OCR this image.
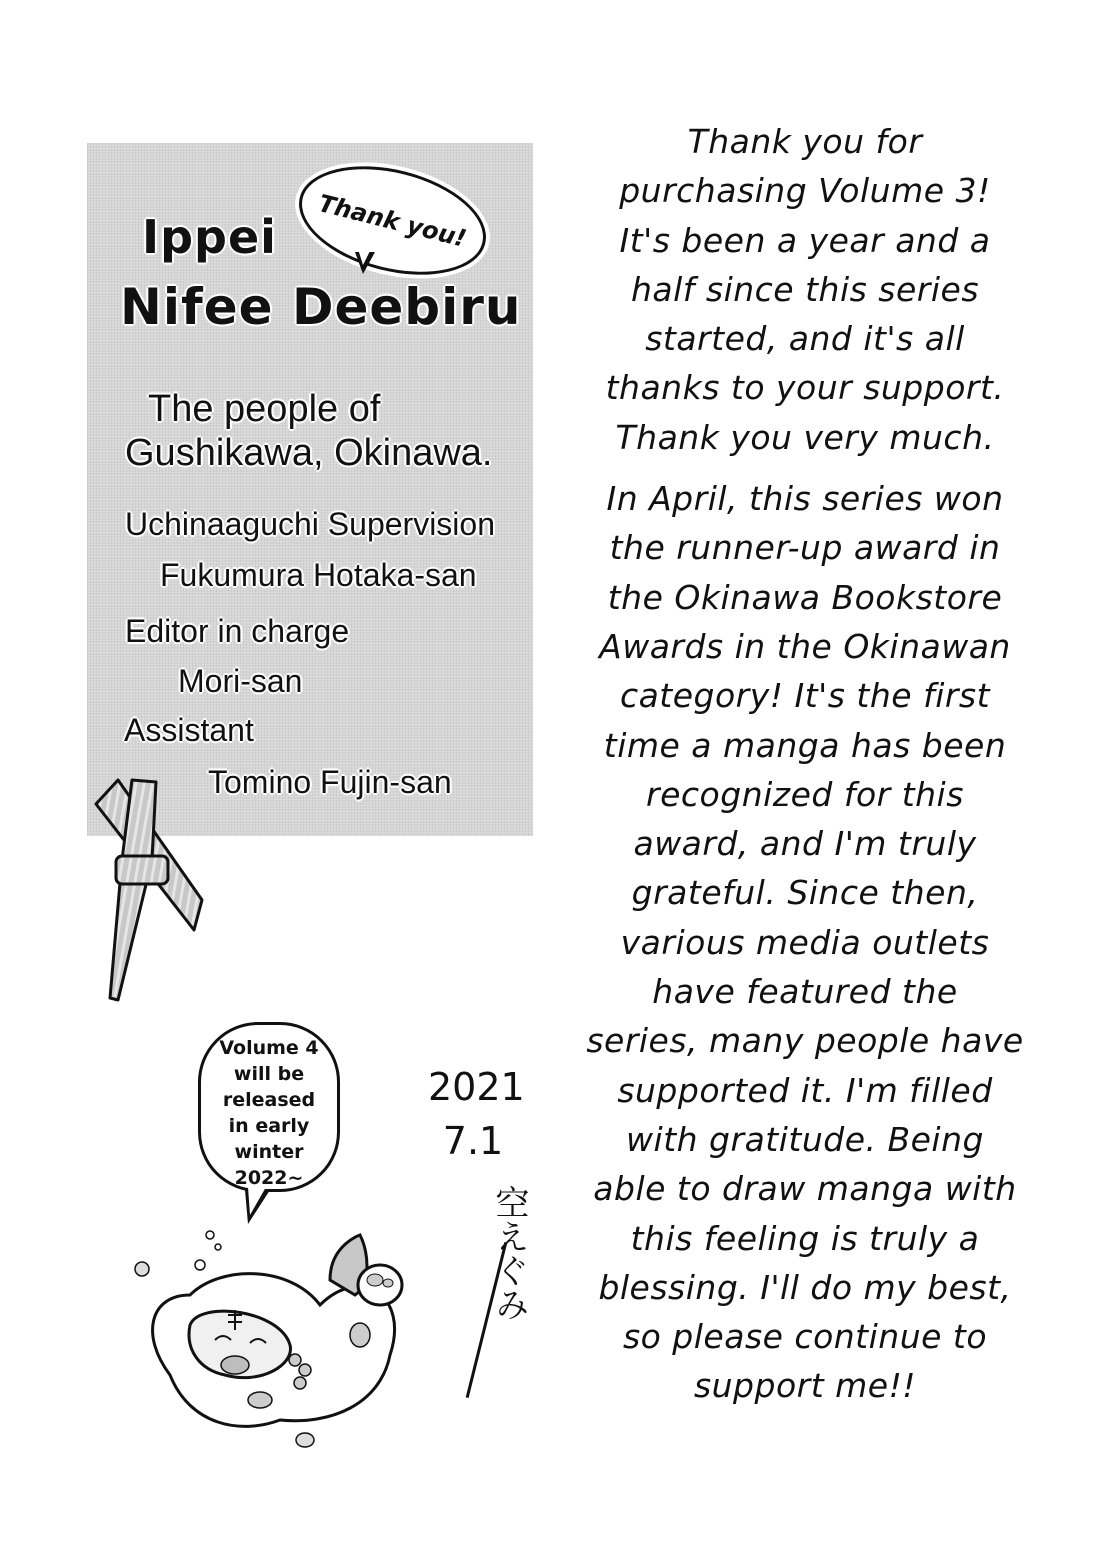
Thank you!
Ippei
Nifee Deebiru
The people of
Gushikawa, Okinawa.
Uchinaaguchi Supervision
Fukumura Hotaka-san
Editor in charge
Mori-san
Assistant
Tomino Fujin-san
Thank you for
purchasing Volume 3!
It's been a year and a
half since this series
started, and it's all
thanks to your support.
Thank you very much.
In April, this series won
the runner-up award in
the Okinawa Bookstore
Awards in the Okinawan
category! It's the first
time a manga has been
recognized for this
award, and I'm truly
grateful. Since then,
various media outlets
have featured the
series, many people have
supported it. I'm filled
with gratitude. Being
able to draw manga with
this feeling is truly a
blessing. I'll do my best,
so please continue to
support me!!
Volume 4
will be
released
in early
winter
2022~
2021
7.1
空えぐみ
